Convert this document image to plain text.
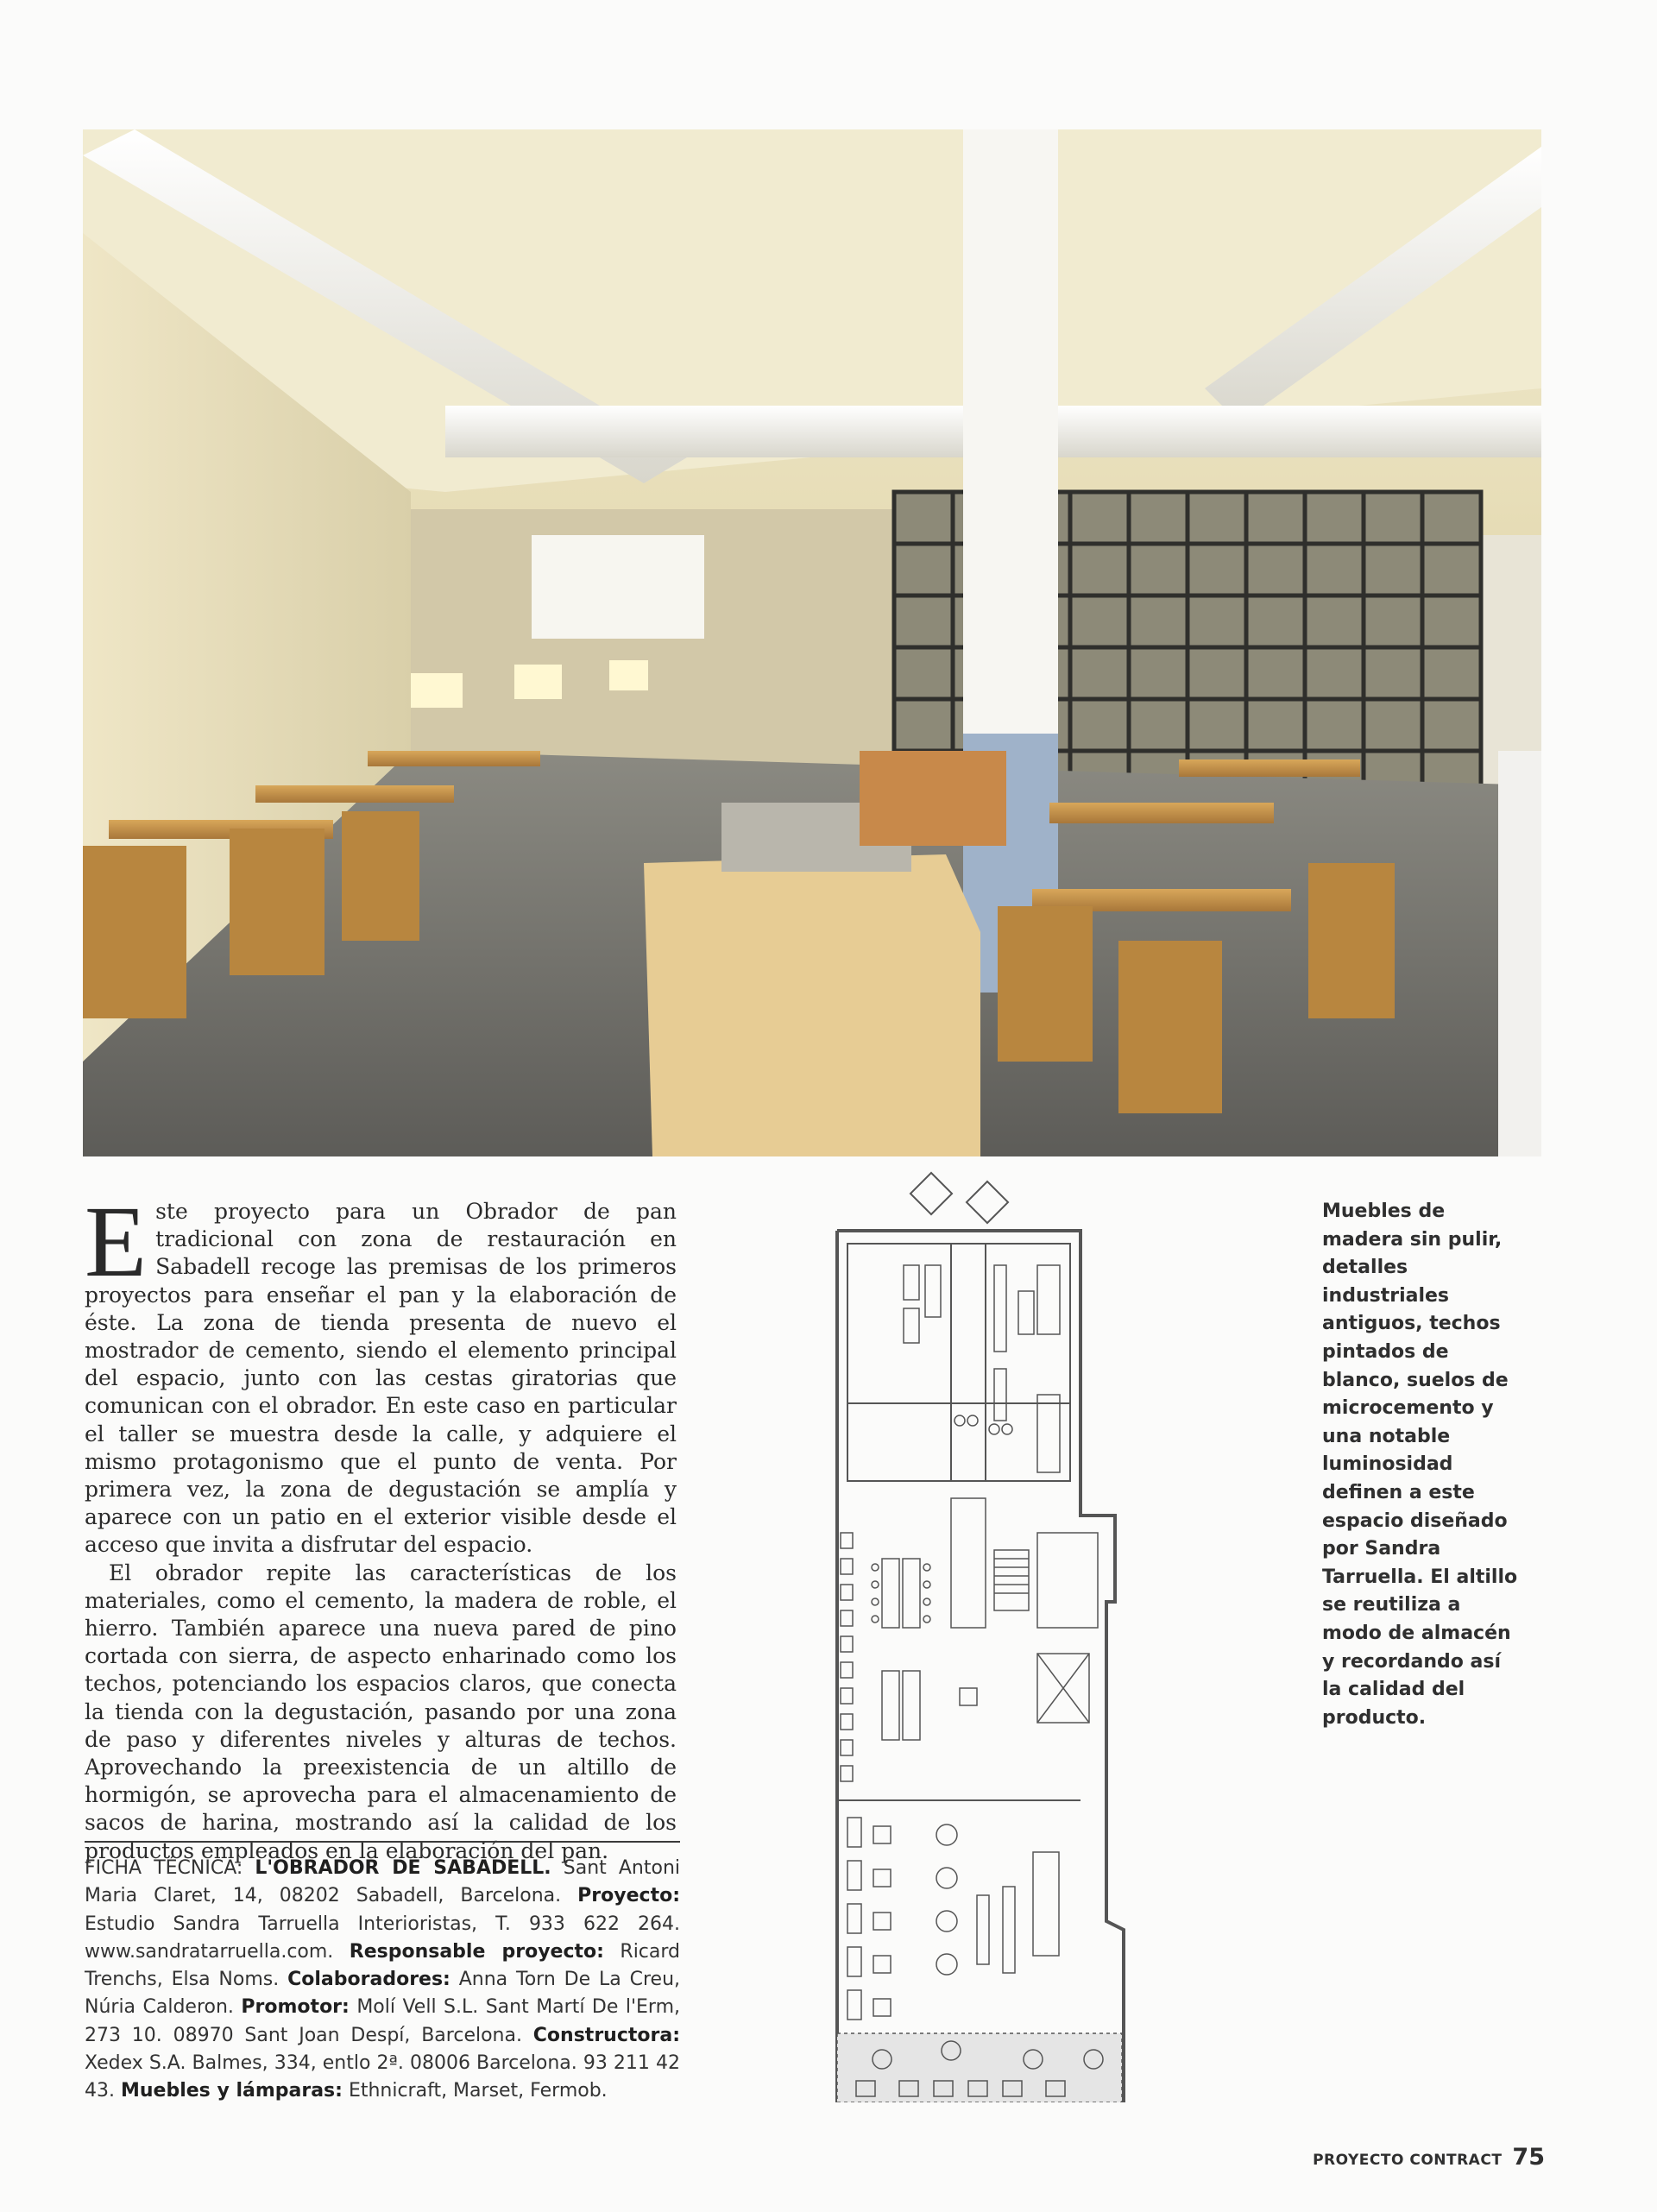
Este proyecto para un Obrador de pan tradicional con zona de restauración en Sabadell recoge las premisas de los primeros proyectos para enseñar el pan y la elaboración de éste. La zona de tienda presenta de nuevo el mostrador de cemento, siendo el elemento principal del espacio, junto con las cestas giratorias que comunican con el obrador. En este caso en particular el taller se muestra desde la calle, y adquiere el mismo protagonismo que el punto de venta. Por primera vez, la zona de degustación se amplía y aparece con un patio en el exterior visible desde el acceso que invita a disfrutar del espacio.

El obrador repite las características de los materiales, como el cemento, la madera de roble, el hierro. También aparece una nueva pared de pino cortada con sierra, de aspecto enharinado como los techos, potenciando los espacios claros, que conecta la tienda con la degustación, pasando por una zona de paso y diferentes niveles y alturas de techos. Aprovechando la preexistencia de un altillo de hormigón, se aprovecha para el almacenamiento de sacos de harina, mostrando así la calidad de los productos empleados en la elaboración del pan.

FICHA TÉCNICA: L'OBRADOR DE SABADELL. Sant Antoni Maria Claret, 14, 08202 Sabadell, Barcelona. Proyecto: Estudio Sandra Tarruella Interioristas, T. 933 622 264. www.sandratarruella.com. Responsable proyecto: Ricard Trenchs, Elsa Noms. Colaboradores: Anna Torn De La Creu, Núria Calderon. Promotor: Molí Vell S.L. Sant Martí De l'Erm, 273 10. 08970 Sant Joan Despí, Barcelona. Constructora: Xedex S.A. Balmes, 334, entlo 2ª. 08006 Barcelona. 93 211 42 43. Muebles y lámparas: Ethnicraft, Marset, Fermob.
Muebles de madera sin pulir, detalles industriales antiguos, techos pintados de blanco, suelos de microcemento y una notable luminosidad definen a este espacio diseñado por Sandra Tarruella. El altillo se reutiliza a modo de almacén y recordando así la calidad del producto.
PROYECTO CONTRACT 75
